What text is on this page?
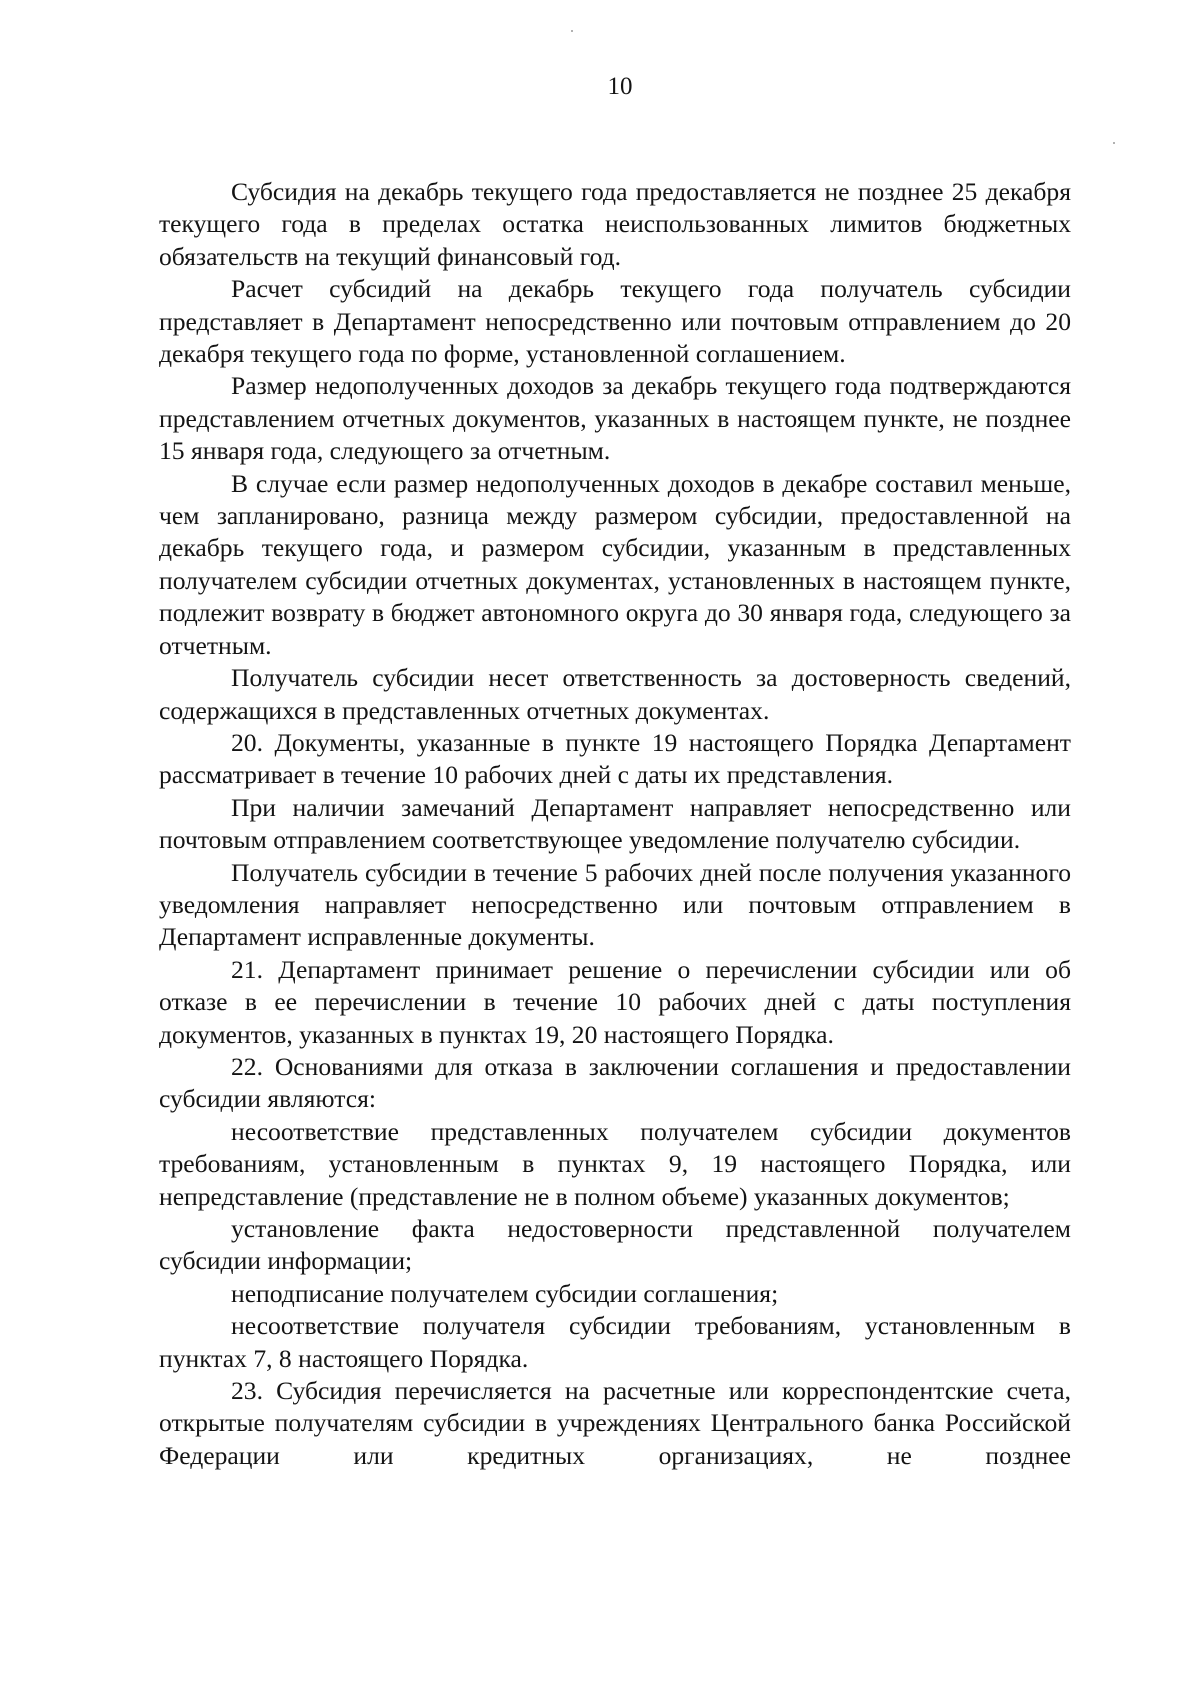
10

Субсидия на декабрь текущего года предоставляется не позднее 25 декабря текущего года в пределах остатка неиспользованных лимитов бюджетных обязательств на текущий финансовый год.

Расчет субсидий на декабрь текущего года получатель субсидии представляет в Департамент непосредственно или почтовым отправлением до 20 декабря текущего года по форме, установленной соглашением.

Размер недополученных доходов за декабрь текущего года подтверждаются представлением отчетных документов, указанных в настоящем пункте, не позднее 15 января года, следующего за отчетным.

В случае если размер недополученных доходов в декабре составил меньше, чем запланировано, разница между размером субсидии, предоставленной на декабрь текущего года, и размером субсидии, указанным в представленных получателем субсидии отчетных документах, установленных в настоящем пункте, подлежит возврату в бюджет автономного округа до 30 января года, следующего за отчетным.

Получатель субсидии несет ответственность за достоверность сведений, содержащихся в представленных отчетных документах.

20. Документы, указанные в пункте 19 настоящего Порядка Департамент рассматривает в течение 10 рабочих дней с даты их представления.

При наличии замечаний Департамент направляет непосредственно или почтовым отправлением соответствующее уведомление получателю субсидии.

Получатель субсидии в течение 5 рабочих дней после получения указанного уведомления направляет непосредственно или почтовым отправлением в Департамент исправленные документы.

21. Департамент принимает решение о перечислении субсидии или об отказе в ее перечислении в течение 10 рабочих дней с даты поступления документов, указанных в пунктах 19, 20 настоящего Порядка.

22. Основаниями для отказа в заключении соглашения и предоставлении субсидии являются:

несоответствие представленных получателем субсидии документов требованиям, установленным в пунктах 9, 19 настоящего Порядка, или непредставление (представление не в полном объеме) указанных документов;

установление факта недостоверности представленной получателем субсидии информации;

неподписание получателем субсидии соглашения;

несоответствие получателя субсидии требованиям, установленным в пунктах 7, 8 настоящего Порядка.

23. Субсидия перечисляется на расчетные или корреспондентские счета, открытые получателям субсидии в учреждениях Центрального банка Российской Федерации или кредитных организациях, не позднее
